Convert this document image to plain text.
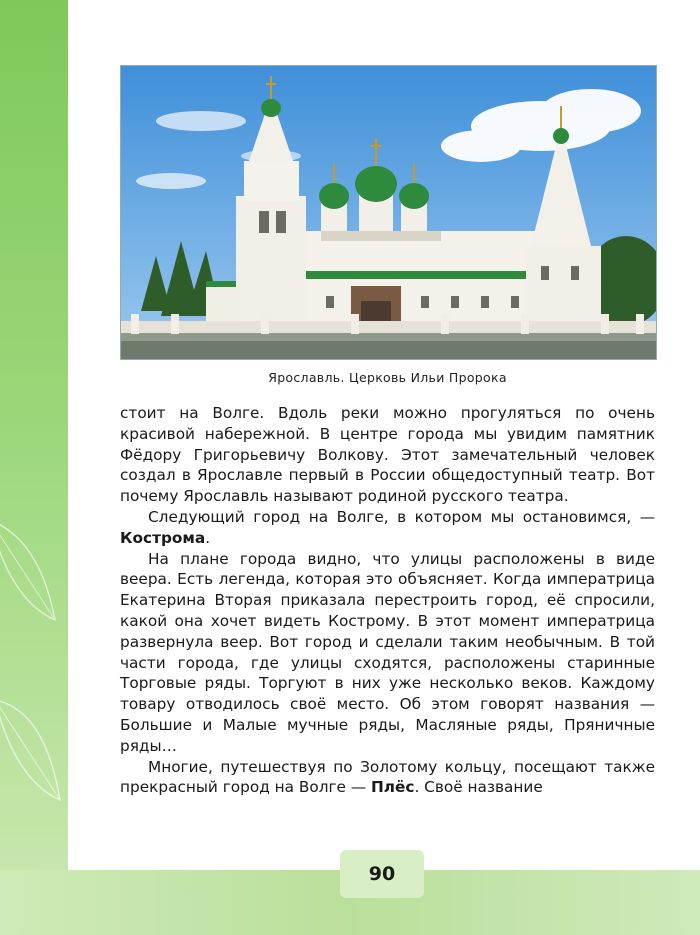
Ярославль. Церковь Ильи Пророка

стоит на Волге. Вдоль реки можно прогуляться по очень красивой набережной. В центре города мы увидим памятник Фёдору Григорьевичу Волкову. Этот замечательный человек создал в Ярославле первый в России общедоступный театр. Вот почему Ярославль называют родиной русского театра.

Следующий город на Волге, в котором мы остановимся, — Кострома.

На плане города видно, что улицы расположены в виде веера. Есть легенда, которая это объясняет. Когда императрица Екатерина Вторая приказала перестроить город, её спросили, какой она хочет видеть Кострому. В этот момент императрица развернула веер. Вот город и сделали таким необычным. В той части города, где улицы сходятся, расположены старинные Торговые ряды. Торгуют в них уже несколько веков. Каждому товару отводилось своё место. Об этом говорят названия — Большие и Малые мучные ряды, Масляные ряды, Пряничные ряды…

Многие, путешествуя по Золотому кольцу, посещают также прекрасный город на Волге — Плёс. Своё название

90
